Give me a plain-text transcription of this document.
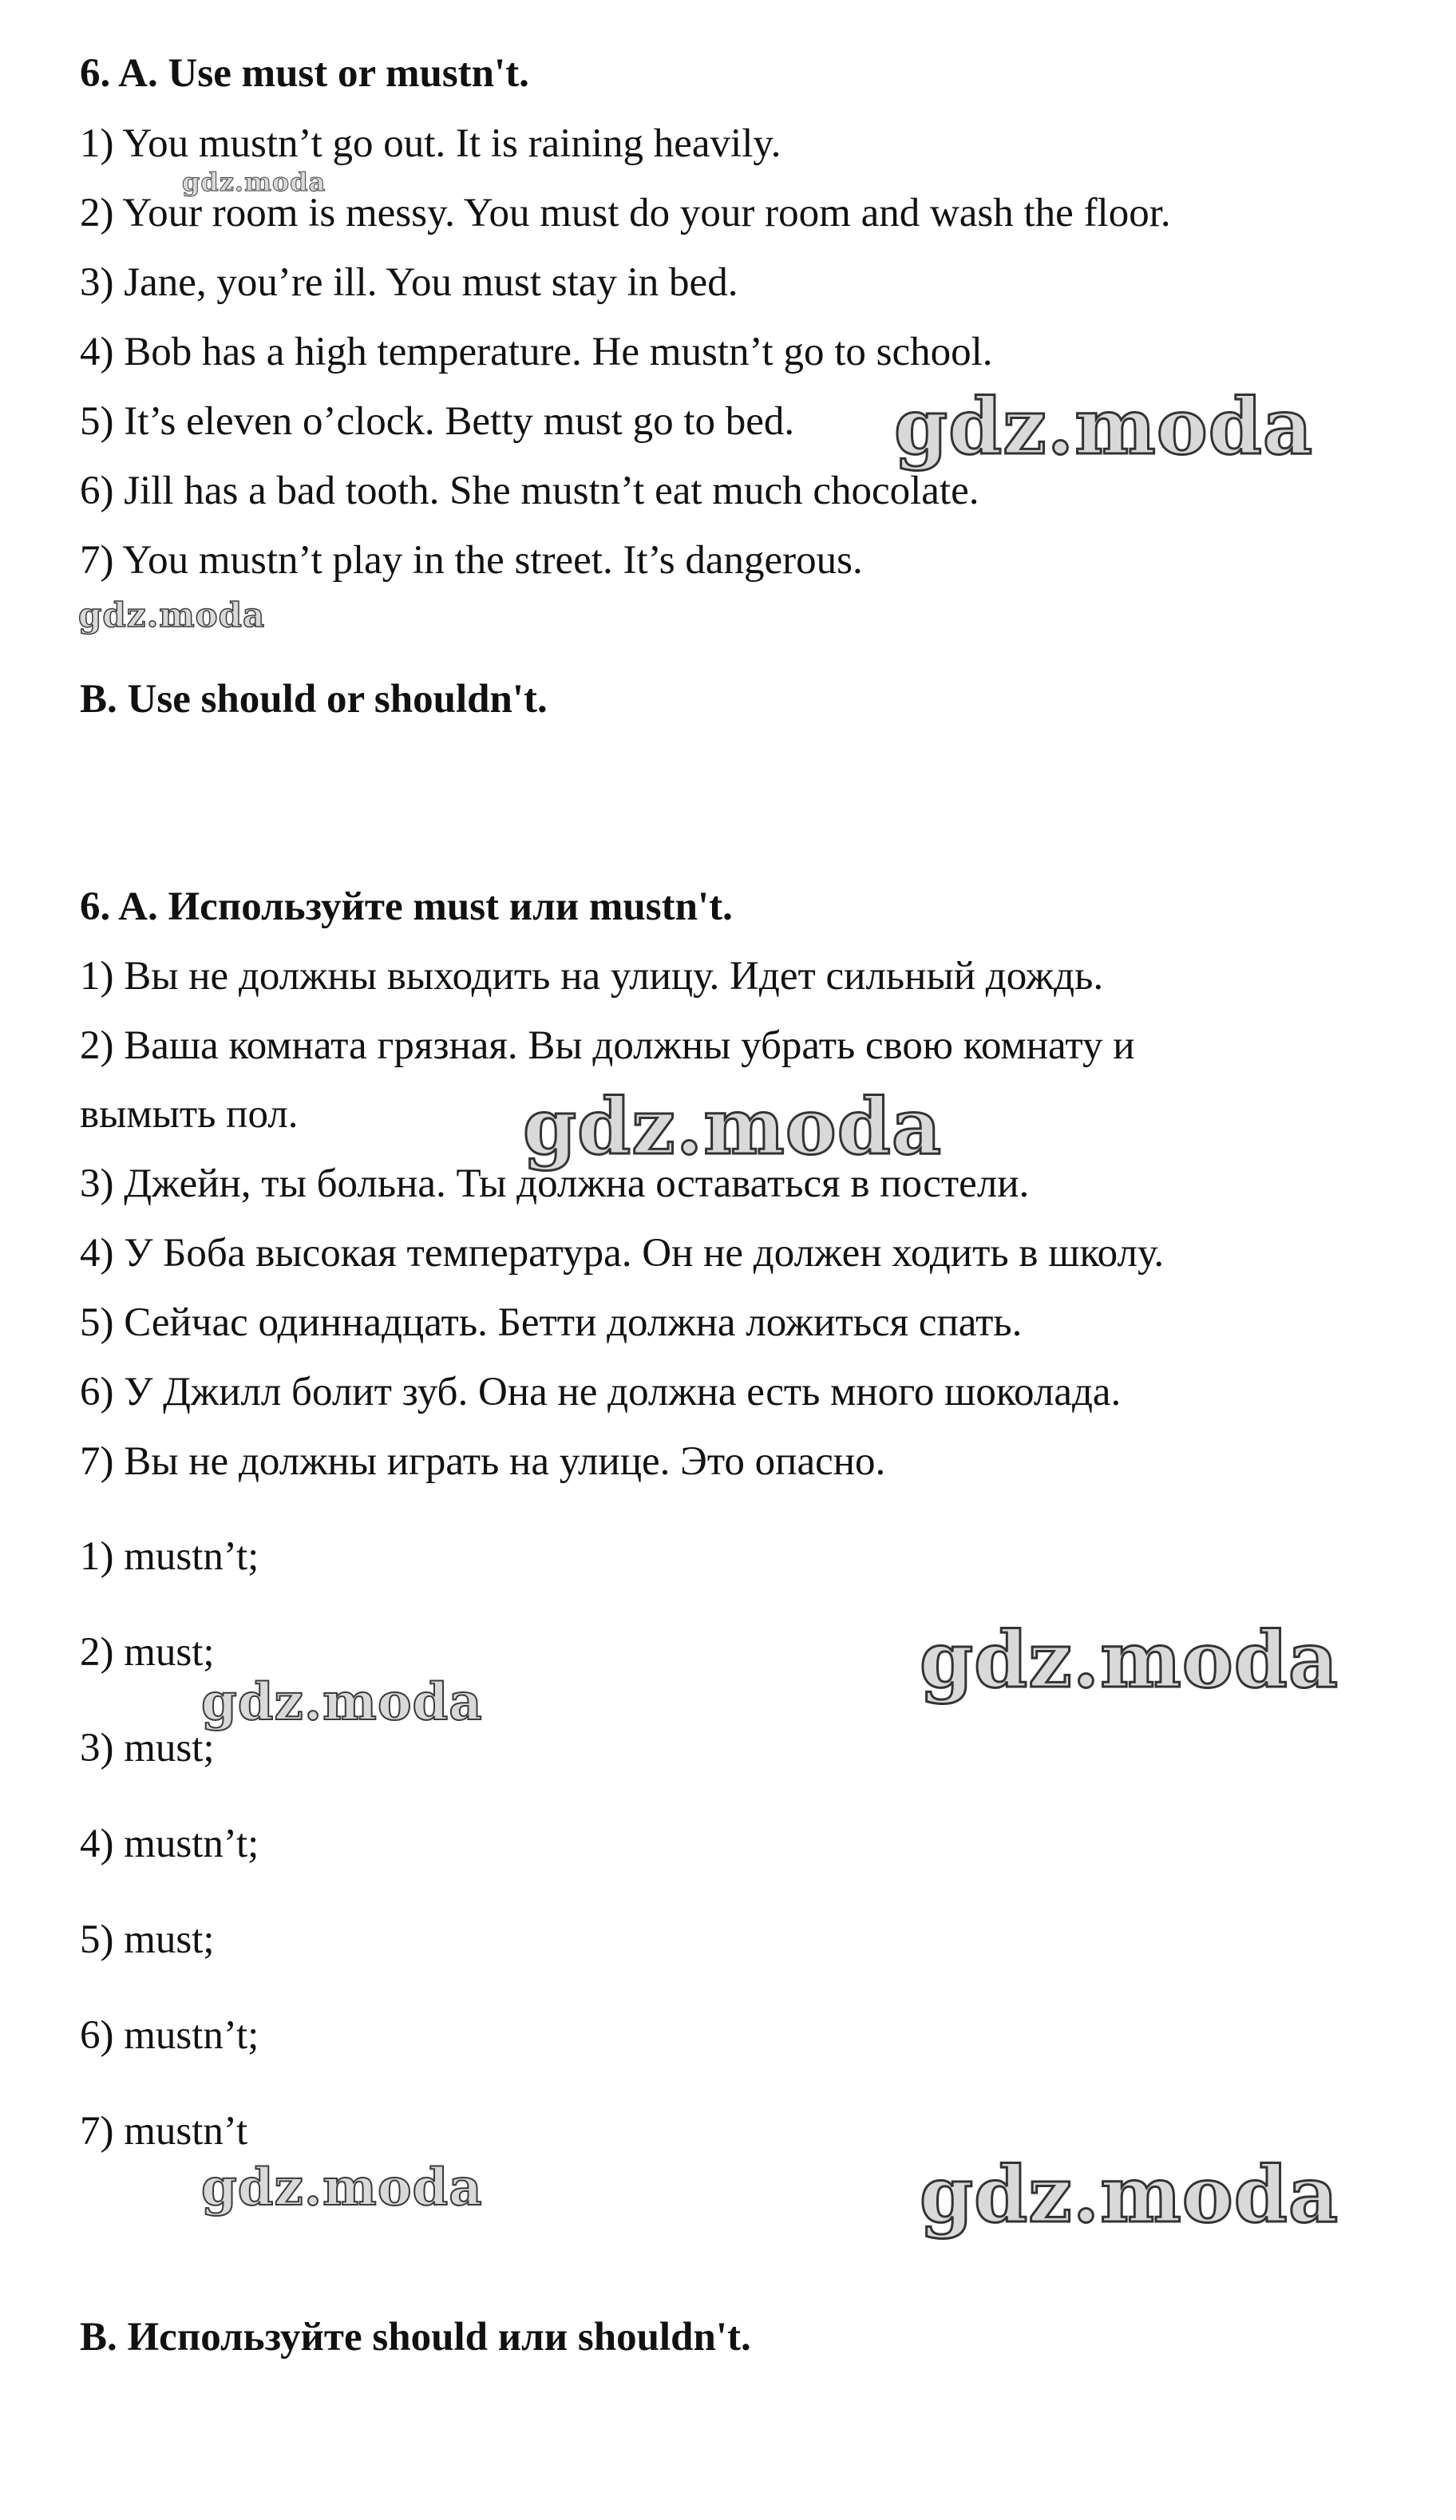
6. A. Use must or mustn't.
1) You mustn’t go out. It is raining heavily.
2) Your room is messy. You must do your room and wash the floor.
3) Jane, you’re ill. You must stay in bed.
4) Bob has a high temperature. He mustn’t go to school.
5) It’s eleven o’clock. Betty must go to bed.
6) Jill has a bad tooth. She mustn’t eat much chocolate.
7) You mustn’t play in the street. It’s dangerous.
B. Use should or shouldn't.
6. A. Используйте must или mustn't.
1) Вы не должны выходить на улицу. Идет сильный дождь.
2) Ваша комната грязная. Вы должны убрать свою комнату и
вымыть пол.
3) Джейн, ты больна. Ты должна оставаться в постели.
4) У Боба высокая температура. Он не должен ходить в школу.
5) Сейчас одиннадцать. Бетти должна ложиться спать.
6) У Джилл болит зуб. Она не должна есть много шоколада.
7) Вы не должны играть на улице. Это опасно.
1) mustn’t;
2) must;
3) must;
4) mustn’t;
5) must;
6) mustn’t;
7) mustn’t
B. Используйте should или shouldn't.
gdz.moda
gdz.moda
gdz.moda
gdz.moda
gdz.moda
gdz.moda
gdz.moda	gdz.moda
